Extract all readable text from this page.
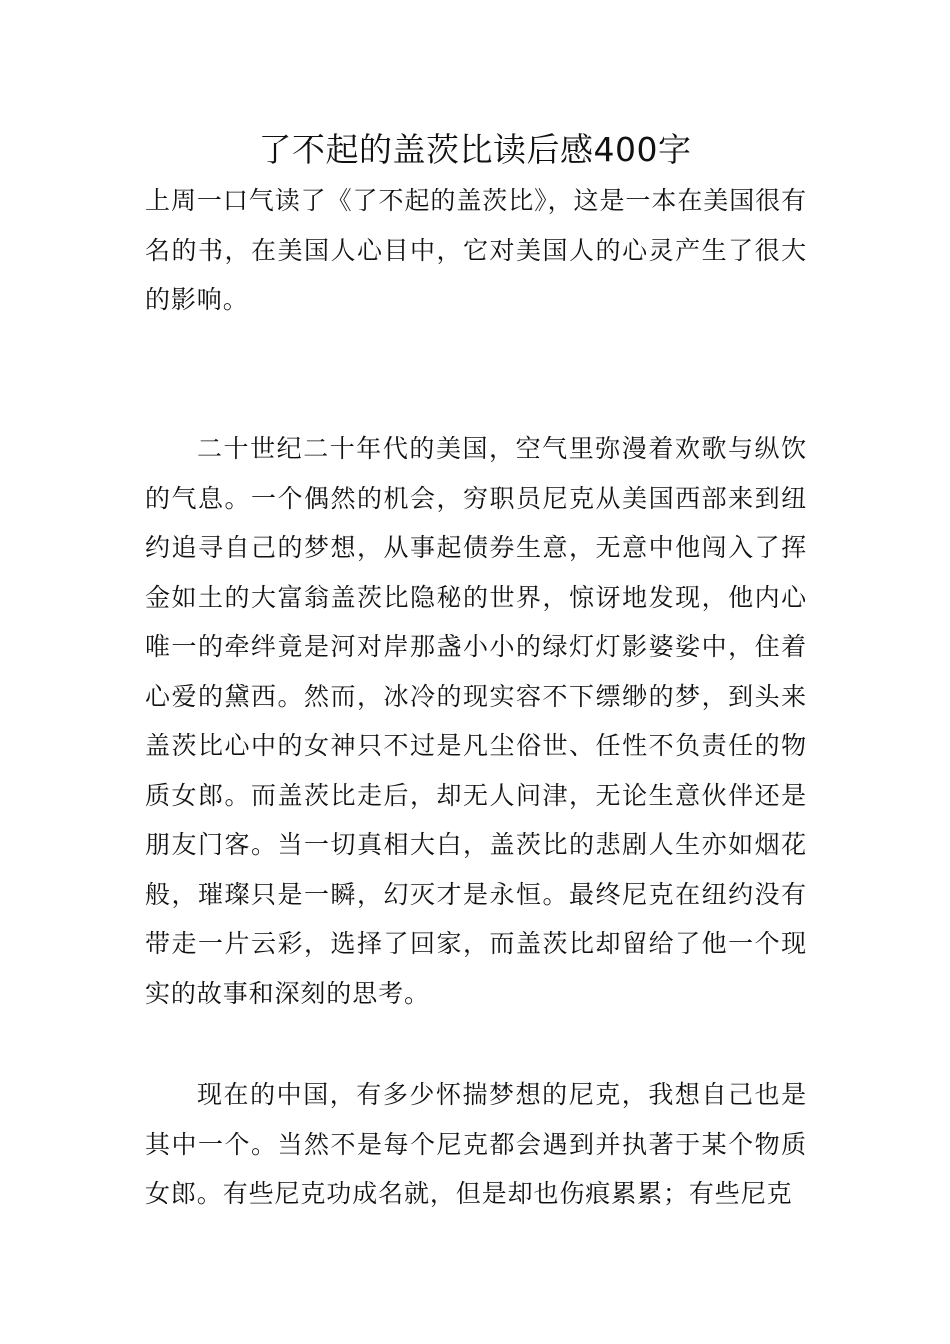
了不起的盖茨比读后感400字

上周一口气读了《了不起的盖茨比》，这是一本在美国很有名的书，在美国人心目中，它对美国人的心灵产生了很大的影响。

二十世纪二十年代的美国，空气里弥漫着欢歌与纵饮的气息。一个偶然的机会，穷职员尼克从美国西部来到纽约追寻自己的梦想，从事起债券生意，无意中他闯入了挥金如土的大富翁盖茨比隐秘的世界，惊讶地发现，他内心唯一的牵绊竟是河对岸那盏小小的绿灯灯影婆娑中，住着心爱的黛西。然而，冰冷的现实容不下缥缈的梦，到头来盖茨比心中的女神只不过是凡尘俗世、任性不负责任的物质女郎。而盖茨比走后，却无人问津，无论生意伙伴还是朋友门客。当一切真相大白，盖茨比的悲剧人生亦如烟花般，璀璨只是一瞬，幻灭才是永恒。最终尼克在纽约没有带走一片云彩，选择了回家，而盖茨比却留给了他一个现实的故事和深刻的思考。

现在的中国，有多少怀揣梦想的尼克，我想自己也是其中一个。当然不是每个尼克都会遇到并执著于某个物质女郎。有些尼克功成名就，但是却也伤痕累累；有些尼克
